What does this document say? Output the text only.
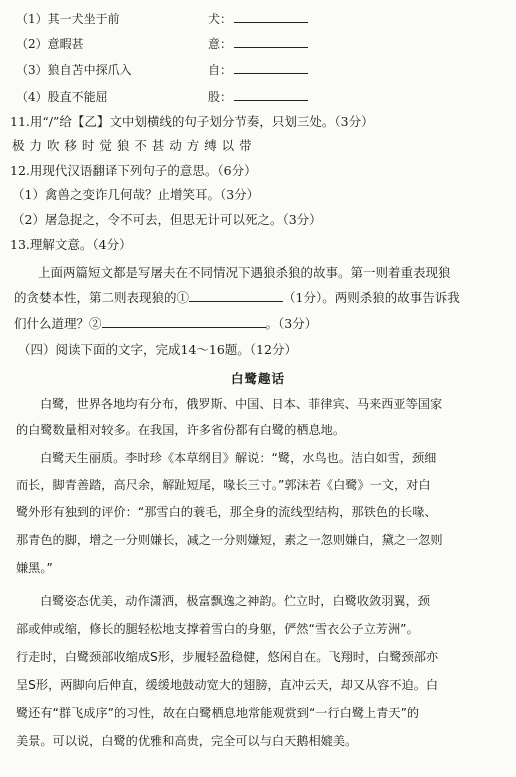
（1）其一犬坐于前	犬：
（2）意暇甚	意：
（3）狼自苫中探爪入	自：
（4）股直不能屈	股：
11.用“/”给【乙】文中划横线的句子划分节奏，只划三处。（3分）
极 力 吹 移 时 觉 狼 不 甚 动 方 缚 以 带
12.用现代汉语翻译下列句子的意思。（6分）
（1）禽兽之变诈几何哉？止增笑耳。（3分）
（2）屠急捉之，令不可去，但思无计可以死之。（3分）
13.理解文意。（4分）
上面两篇短文都是写屠夫在不同情况下遇狼杀狼的故事。第一则着重表现狼
的贪婪本性，第二则表现狼的①	（1分）。两则杀狼的故事告诉我
们什么道理？②	。（3分）
（四）阅读下面的文字，完成14～16题。（12分）
白鹭趣话
白鹭，世界各地均有分布，俄罗斯、中国、日本、菲律宾、马来西亚等国家
的白鹭数量相对较多。在我国，许多省份都有白鹭的栖息地。
白鹭天生丽质。李时珍《本草纲目》解说：“鹭，水鸟也。洁白如雪，颈细
而长，脚青善踏，高尺余，解趾短尾，喙长三寸。”郭沫若《白鹭》一文，对白
鹭外形有独到的评价：“那雪白的蓑毛，那全身的流线型结构，那铁色的长喙、
那青色的脚，增之一分则嫌长，减之一分则嫌短，素之一忽则嫌白，黛之一忽则
嫌黑。”
白鹭姿态优美，动作潇洒，极富飘逸之神韵。伫立时，白鹭收敛羽翼，颈
部或伸或缩，修长的腿轻松地支撑着雪白的身躯，俨然“雪衣公子立芳洲”。
行走时，白鹭颈部收缩成S形，步履轻盈稳健，悠闲自在。飞翔时，白鹭颈部亦
呈S形，两脚向后伸直，缓缓地鼓动宽大的翅膀，直冲云天，却又从容不迫。白
鹭还有“群飞成序”的习性，故在白鹭栖息地常能观赏到“一行白鹭上青天”的
美景。可以说，白鹭的优雅和高贵，完全可以与白天鹅相媲美。
